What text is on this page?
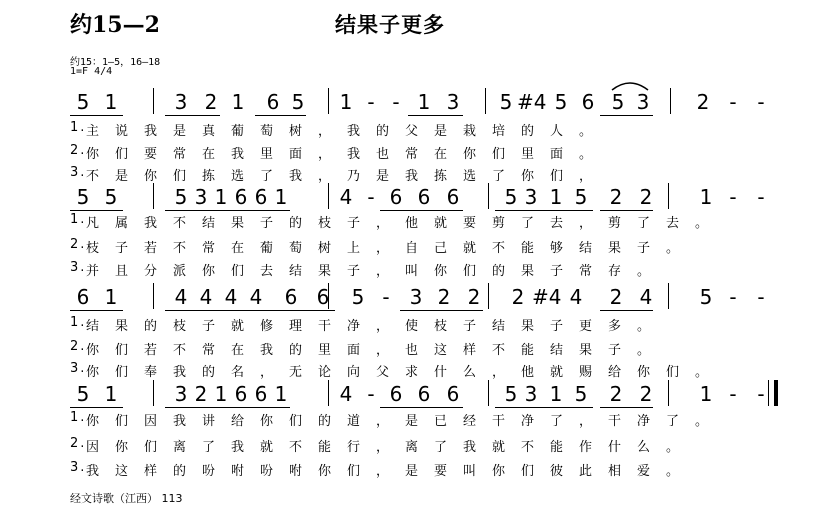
约15—2	结果子更多
约15：1—5，16—18
1=F 4/4
5 1	3 2 1 6 5 1 - - 1 3 5 #4 5 6 5 3 2 - -
1. 主 说 我 是 真 葡 萄 树 ， 我 的 父 是 栽 培 的 人 。
2. 你 们 要 常 在 我 里 面 ， 我 也 常 在 你 们 里 面 。
3. 不 是 你 们 拣 选 了 我 ， 乃 是 我 拣 选 了 你 们 ，
5 5	5 3 1 6 6 1	4 - 6 6 6 5 3 1 5 2 2 1 - -
1. 凡 属 我 不 结 果 子 的 枝 子 ， 他 就 要 剪 了 去 ， 剪 了 去 。
2. 枝 子 若 不 常 在 葡 萄 树 上 ， 自 己 就 不 能 够 结 果 子 。
3. 并 且 分 派 你 们 去 结 果 子 ， 叫 你 们 的 果 子 常 存 。
6 1	4 4 4 4 6 6 5 - 3 2 2 2 #4 4 2 4 5 - -
1. 结 果 的 枝 子 就 修 理 干 净 ， 使 枝 子 结 果 子 更 多 。
2. 你 们 若 不 常 在 我 的 里 面 ， 也 这 样 不 能 结 果 子 。
3. 你 们 奉 我 的 名 ， 无 论 向 父 求 什 么 ， 他 就 赐 给 你 们 。
5 1	3 2 1 6 6 1	4 - 6 6 6 5 3 1 5 2 2 1 - -
1. 你 们 因 我 讲 给 你 们 的 道 ， 是 已 经 干 净 了 ， 干 净 了 。
2. 因 你 们 离 了 我 就 不 能 行 ， 离 了 我 就 不 能 作 什 么 。
3. 我 这 样 的 吩 咐 吩 咐 你 们 ， 是 要 叫 你 们 彼 此 相 爱 。
经文诗歌（江西） 113
